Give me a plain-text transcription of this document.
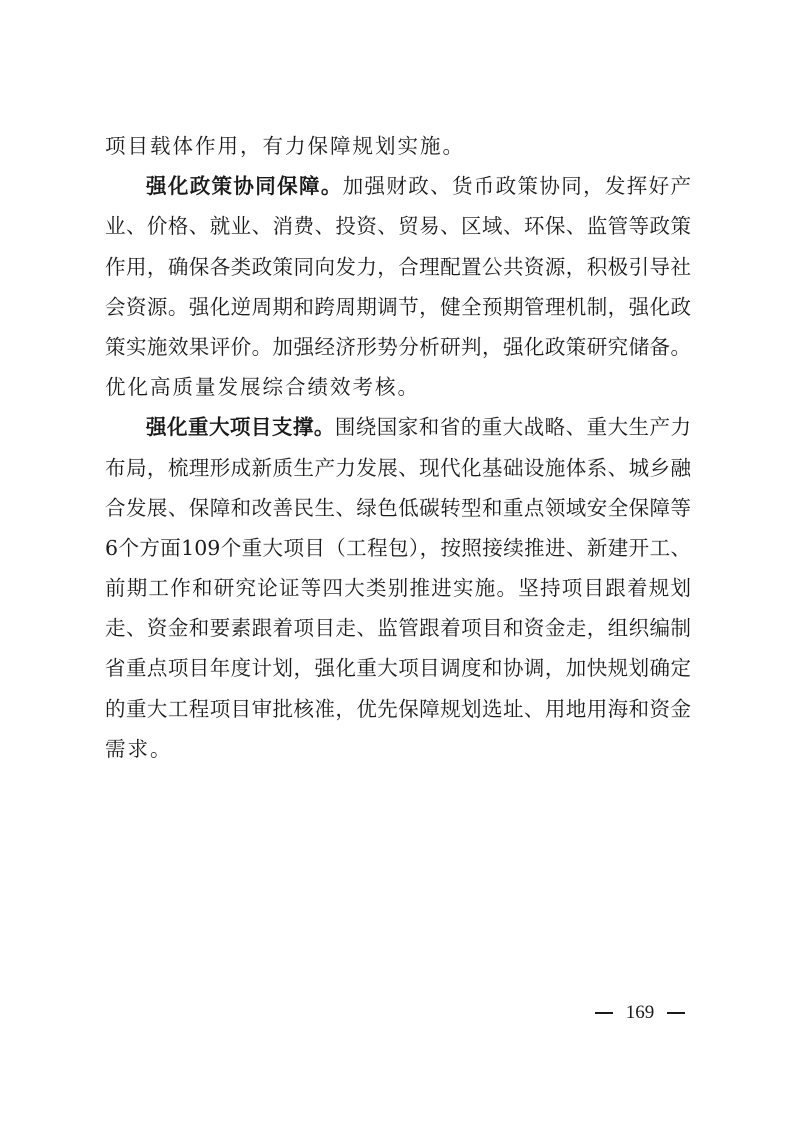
项目载体作用，有力保障规划实施。
强化政策协同保障。加强财政、货币政策协同，发挥好产
业、价格、就业、消费、投资、贸易、区域、环保、监管等政策
作用，确保各类政策同向发力，合理配置公共资源，积极引导社
会资源。强化逆周期和跨周期调节，健全预期管理机制，强化政
策实施效果评价。加强经济形势分析研判，强化政策研究储备。
优化高质量发展综合绩效考核。
强化重大项目支撑。围绕国家和省的重大战略、重大生产力
布局，梳理形成新质生产力发展、现代化基础设施体系、城乡融
合发展、保障和改善民生、绿色低碳转型和重点领域安全保障等
6个方面109个重大项目（工程包），按照接续推进、新建开工、
前期工作和研究论证等四大类别推进实施。坚持项目跟着规划
走、资金和要素跟着项目走、监管跟着项目和资金走，组织编制
省重点项目年度计划，强化重大项目调度和协调，加快规划确定
的重大工程项目审批核准，优先保障规划选址、用地用海和资金
需求。
169
